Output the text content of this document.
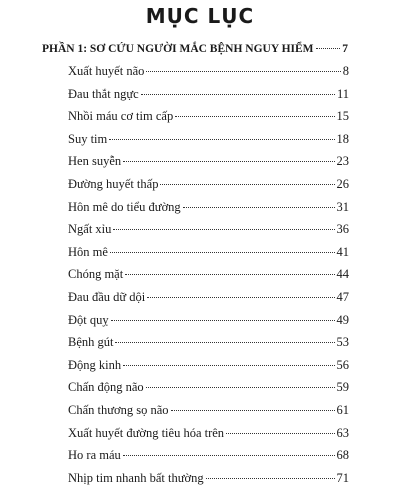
MỤC LỤC
PHẦN 1: SƠ CỨU NGƯỜI MẮC BỆNH NGUY HIỂM 7
Xuất huyết não	8
Đau thắt ngực	11
Nhồi máu cơ tim cấp	15
Suy tim	18
Hen suyễn	23
Đường huyết thấp	26
Hôn mê do tiểu đường	31
Ngất xỉu	36
Hôn mê	41
Chóng mặt	44
Đau đầu dữ dội	47
Đột quỵ	49
Bệnh gút	53
Động kinh	56
Chấn động não	59
Chấn thương sọ não	61
Xuất huyết đường tiêu hóa trên	63
Ho ra máu	68
Nhịp tim nhanh bất thường	71
